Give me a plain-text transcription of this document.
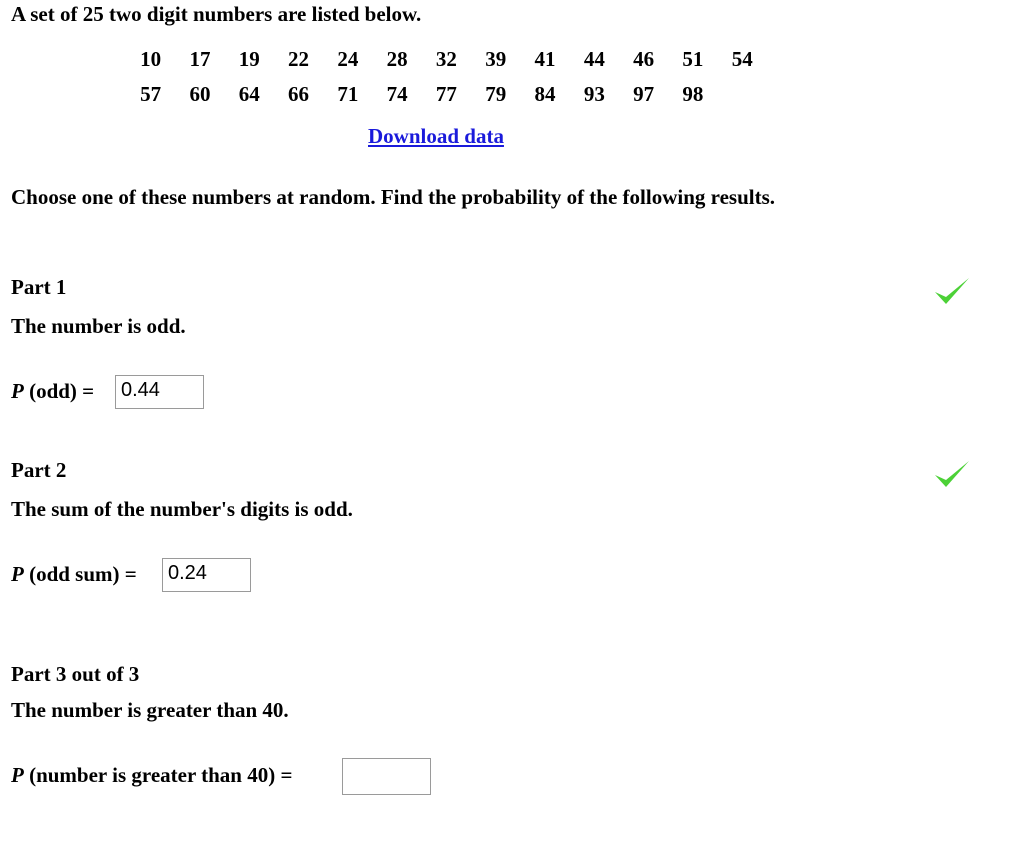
A set of 25 two digit numbers are listed below.
10	17	19	22	24	28	32	39	41	44	46	51	54
57	60	64	66	71	74	77	79	84	93	97	98	
Download data
Choose one of these numbers at random. Find the probability of the following results.
Part 1
The number is odd.
P (odd) =	0.44
Part 2
The sum of the number's digits is odd.
P (odd sum) =	0.24
Part 3 out of 3
The number is greater than 40.
P (number is greater than 40) =
